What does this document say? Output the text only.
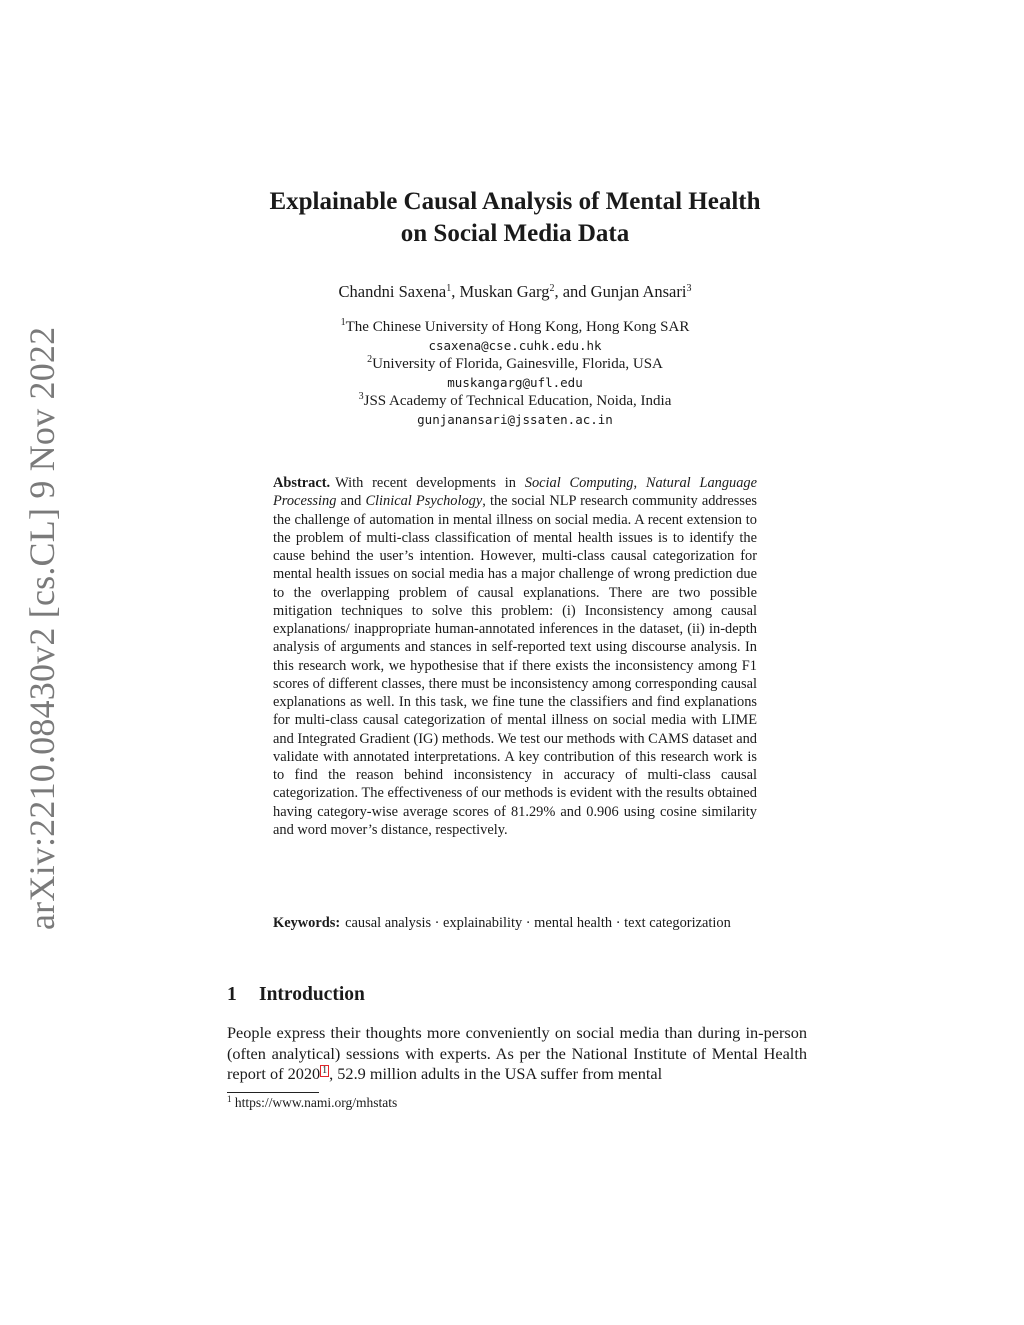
arXiv:2210.08430v2 [cs.CL] 9 Nov 2022
Explainable Causal Analysis of Mental Health
on Social Media Data
Chandni Saxena$^1$, Muskan Garg$^2$, and Gunjan Ansari$^3$
$^1$The Chinese University of Hong Kong, Hong Kong SAR
csaxena@cse.cuhk.edu.hk
$^2$University of Florida, Gainesville, Florida, USA
muskangarg@ufl.edu
$^3$JSS Academy of Technical Education, Noida, India
gunjanansari@jssaten.ac.in
Abstract. With recent developments in Social Computing, Natural Language Processing and Clinical Psychology, the social NLP research community addresses the challenge of automation in mental illness on social media. A recent extension to the problem of multi-class classification of mental health issues is to identify the cause behind the user’s intention. However, multi-class causal categorization for mental health issues on social media has a major challenge of wrong prediction due to the overlapping problem of causal explanations. There are two possible mitigation techniques to solve this problem: (i) Inconsistency among causal explanations/ inappropriate human-annotated inferences in the dataset, (ii) in-depth analysis of arguments and stances in self-reported text using discourse analysis. In this research work, we hypothesise that if there exists the inconsistency among F1 scores of different classes, there must be inconsistency among corresponding causal explanations as well. In this task, we fine tune the classifiers and find explanations for multi-class causal categorization of mental illness on social media with LIME and Integrated Gradient (IG) methods. We test our methods with CAMS dataset and validate with annotated interpretations. A key contribution of this research work is to find the reason behind inconsistency in accuracy of multi-class causal categorization. The effectiveness of our methods is evident with the results obtained having category-wise average scores of 81.29% and 0.906 using cosine similarity and word mover’s distance, respectively.
Keywords: causal analysis · explainability · mental health · text categorization
1 Introduction
People express their thoughts more conveniently on social media than during in-person (often analytical) sessions with experts. As per the National Institute of Mental Health report of 2020 1 , 52.9 million adults in the USA suffer from mental
$^1$ https://www.nami.org/mhstats
